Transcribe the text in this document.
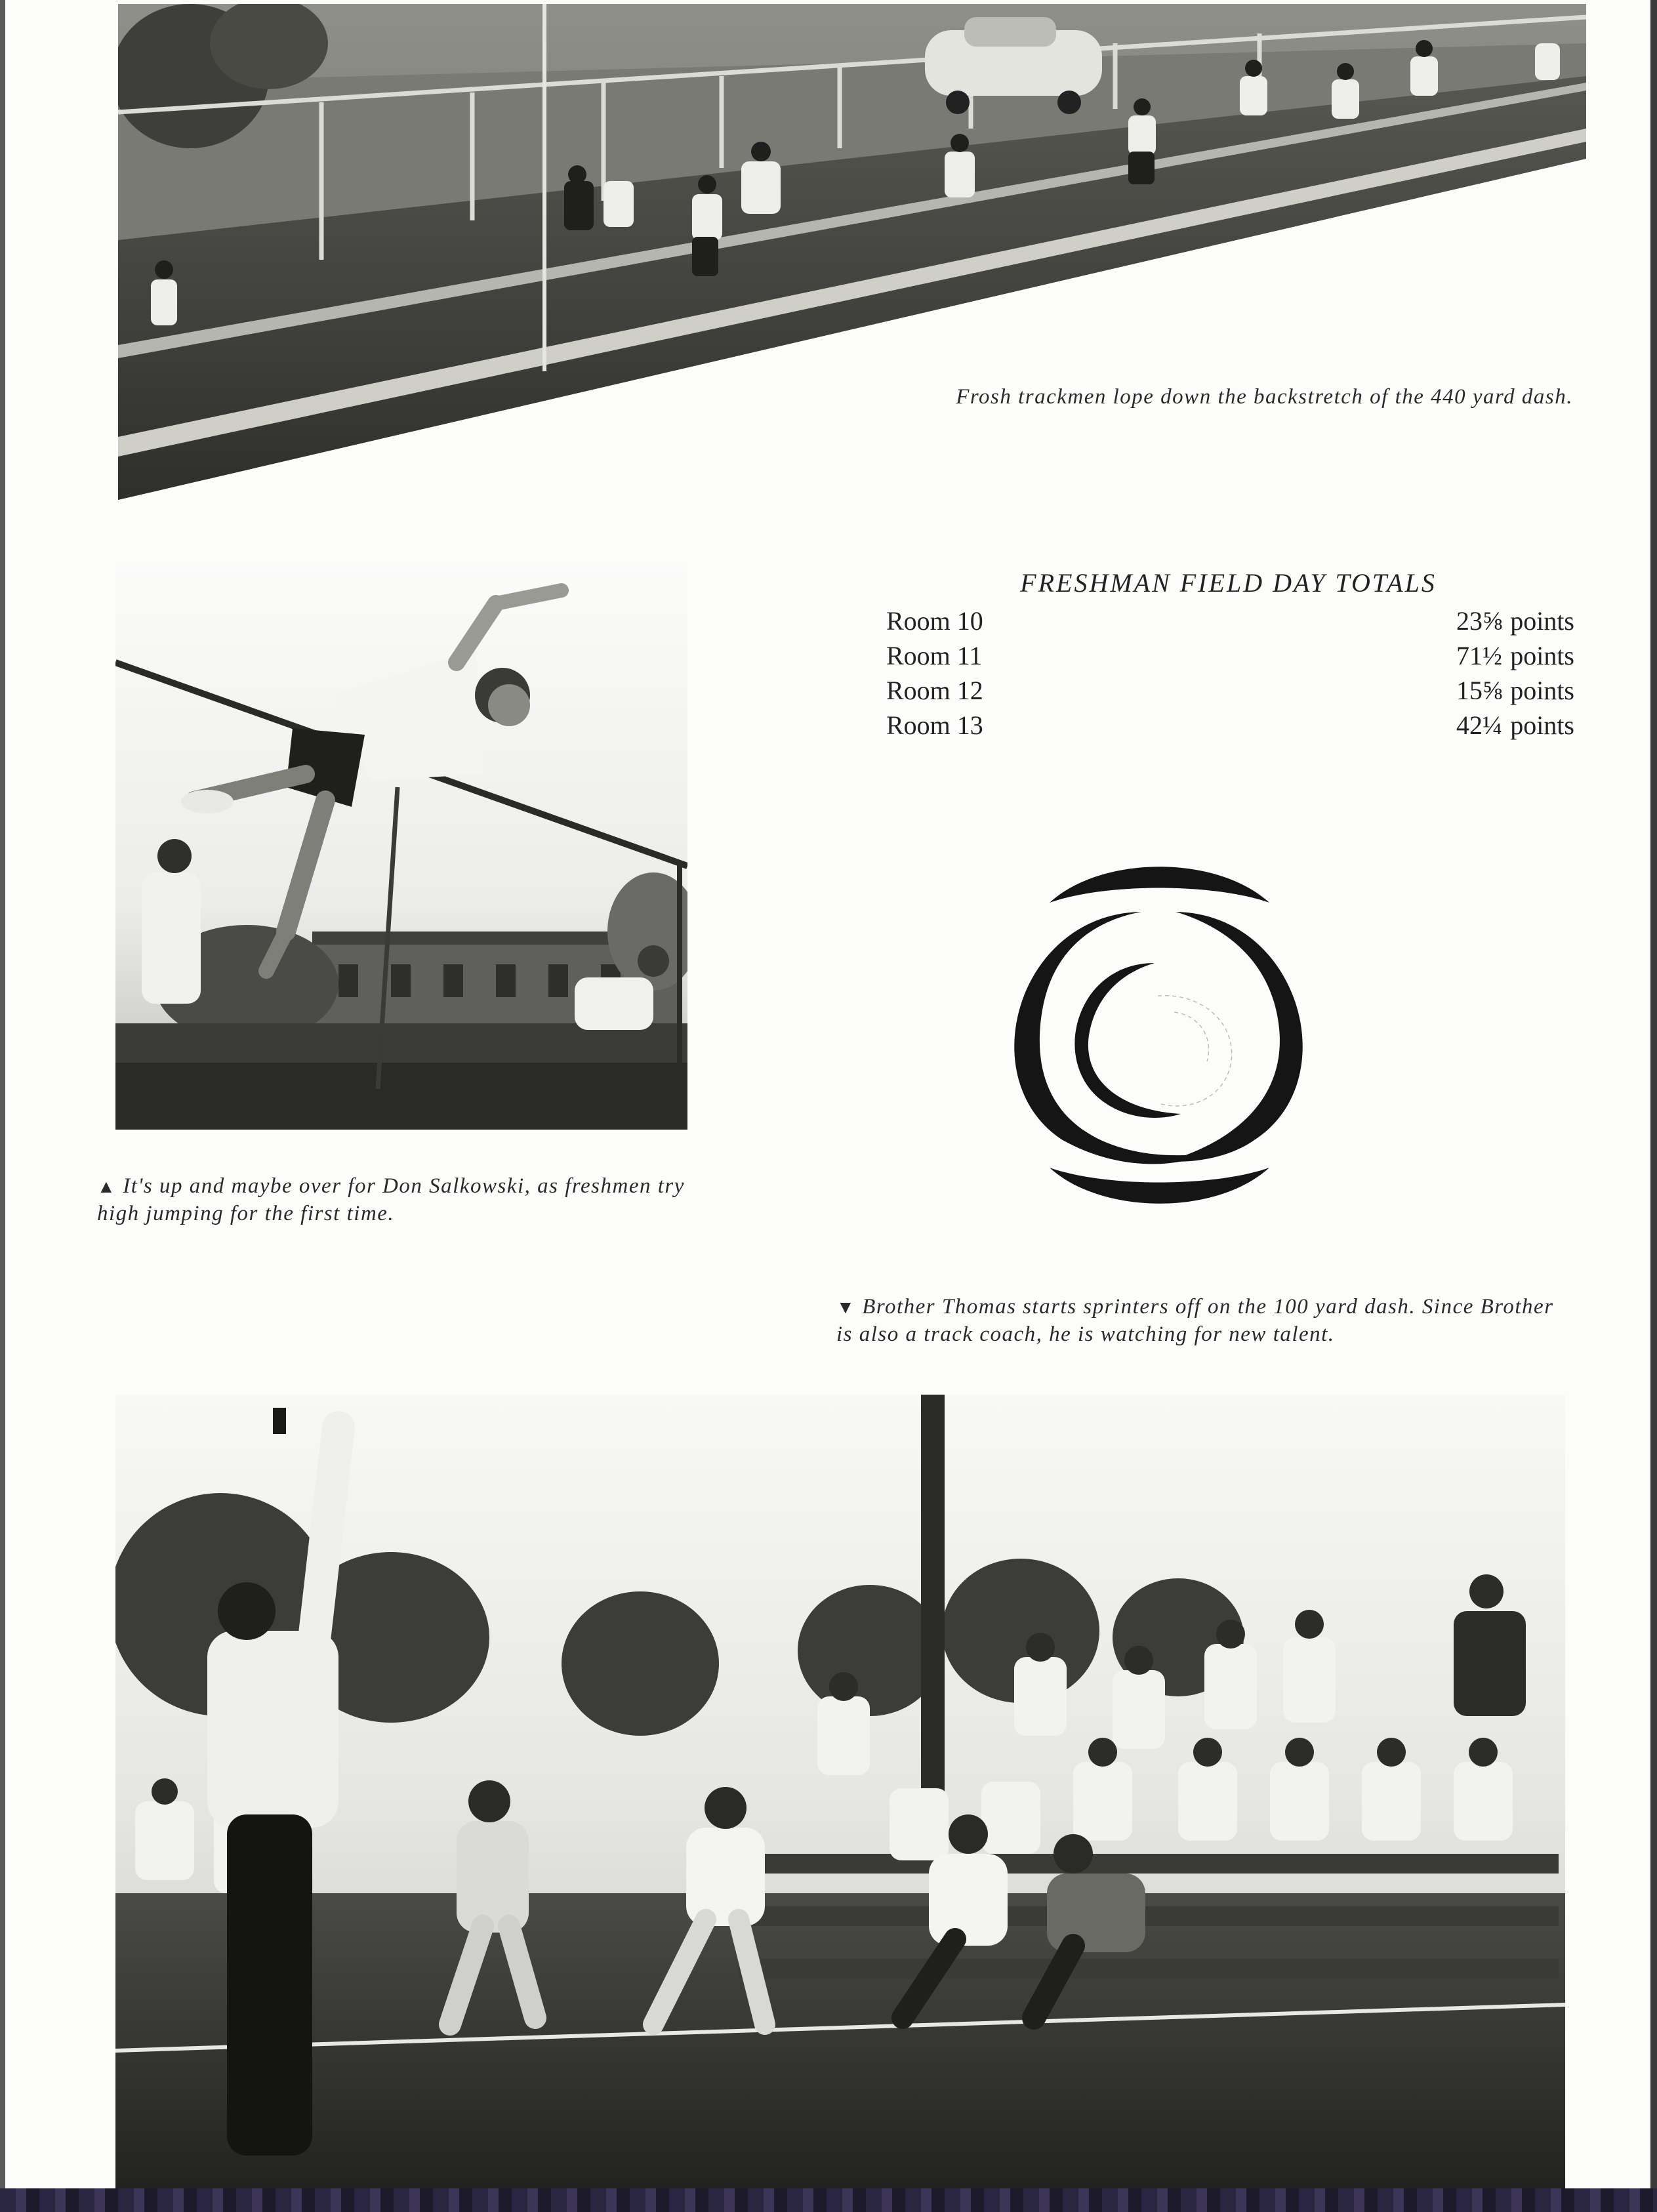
Frosh trackmen lope down the backstretch of the 440 yard dash.
▲ It's up and maybe over for Don Salkowski, as freshmen try high jumping for the first time.
FRESHMAN FIELD DAY TOTALS
Room 10	23⅝ points
Room 11	71½ points
Room 12	15⅝ points
Room 13	42¼ points
▼ Brother Thomas starts sprinters off on the 100 yard dash. Since Brother is also a track coach, he is watching for new talent.
